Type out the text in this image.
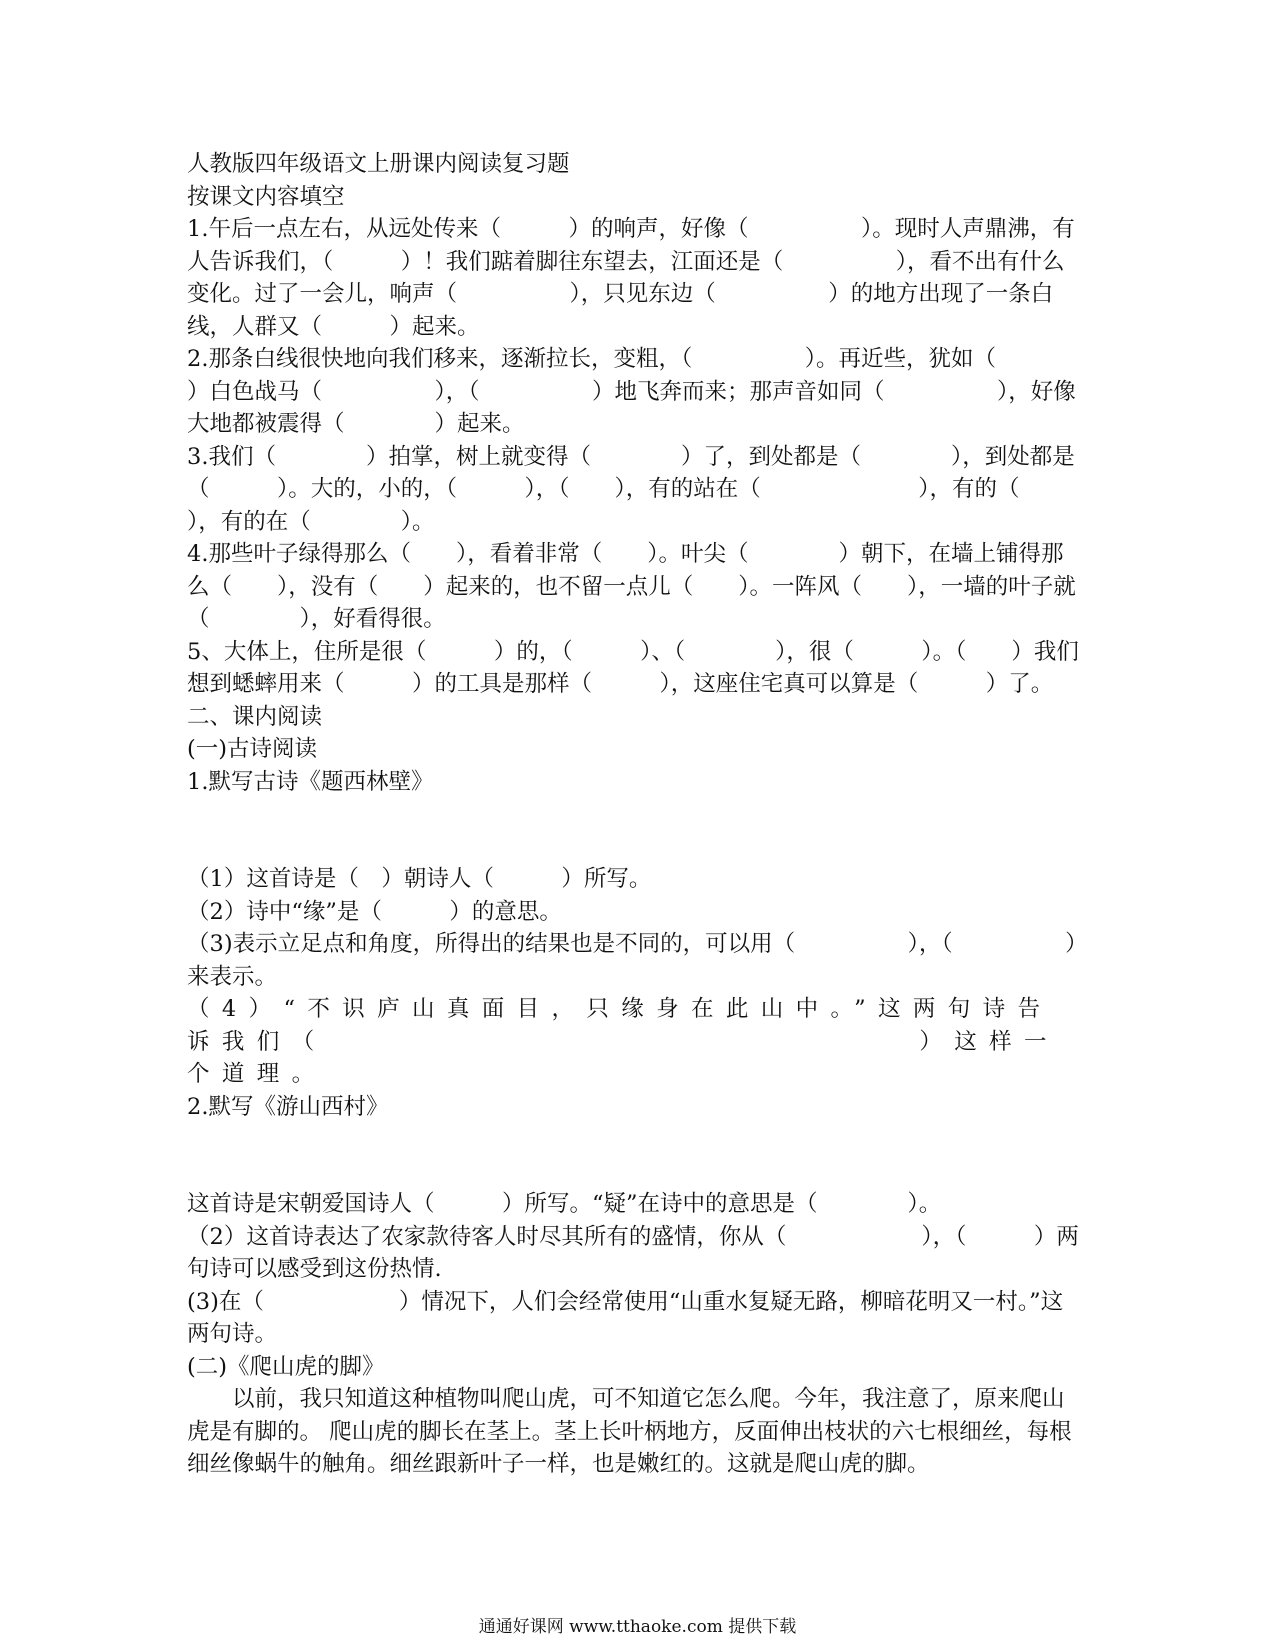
人教版四年级语文上册课内阅读复习题

按课文内容填空

1.午后一点左右，从远处传来（　　　）的响声，好像（　　　　　）。现时人声鼎沸，有人告诉我们，（　　　）！我们踮着脚往东望去，江面还是（　　　　　），看不出有什么变化。过了一会儿，响声（　　　　　），只见东边（　　　　　）的地方出现了一条白线，人群又（　　　）起来。

2.那条白线很快地向我们移来，逐渐拉长，变粗，（　　　　　）。再近些，犹如（　　　　）白色战马（　　　　　），（　　　　　）地飞奔而来；那声音如同（　　　　　），好像大地都被震得（　　　　）起来。

3.我们（　　　　）拍掌，树上就变得（　　　　）了，到处都是（　　　　），到处都是（　　　）。大的，小的，（　　　），（　　），有的站在（　　　　　　　），有的（　　　　），有的在（　　　　）。

4.那些叶子绿得那么（　　），看着非常（　　）。叶尖（　　　　）朝下，在墙上铺得那么（　　），没有（　　）起来的，也不留一点儿（　　）。一阵风（　　），一墙的叶子就（　　　　），好看得很。

5、大体上，住所是很（　　　）的，（　　　）、（　　　　），很（　　　）。（　　）我们想到蟋蟀用来（　　　）的工具是那样（　　　），这座住宅真可以算是（　　　）了。

二、课内阅读

(一)古诗阅读

1.默写古诗《题西林壁》

（1）这首诗是（　）朝诗人（　　　）所写。

（2）诗中“缘”是（　　　）的意思。

（3)表示立足点和角度，所得出的结果也是不同的，可以用（　　　　　），（　　　　　）来表示。

（4）“不识庐山真面目，只缘身在此山中。”这两句诗告诉我们（　　　　　　　　　　　　　　　　　）这样一个道理。

2.默写《游山西村》

这首诗是宋朝爱国诗人（　　　）所写。“疑”在诗中的意思是（　　　　）。

（2）这首诗表达了农家款待客人时尽其所有的盛情，你从（　　　　　　），（　　　）两句诗可以感受到这份热情.

(3)在（　　　　　　）情况下，人们会经常使用“山重水复疑无路，柳暗花明又一村。”这两句诗。

(二)《爬山虎的脚》

以前，我只知道这种植物叫爬山虎，可不知道它怎么爬。今年，我注意了，原来爬山虎是有脚的。 爬山虎的脚长在茎上。茎上长叶柄地方，反面伸出枝状的六七根细丝，每根细丝像蜗牛的触角。细丝跟新叶子一样，也是嫩红的。这就是爬山虎的脚。

通通好课网 www.tthaoke.com 提供下载
